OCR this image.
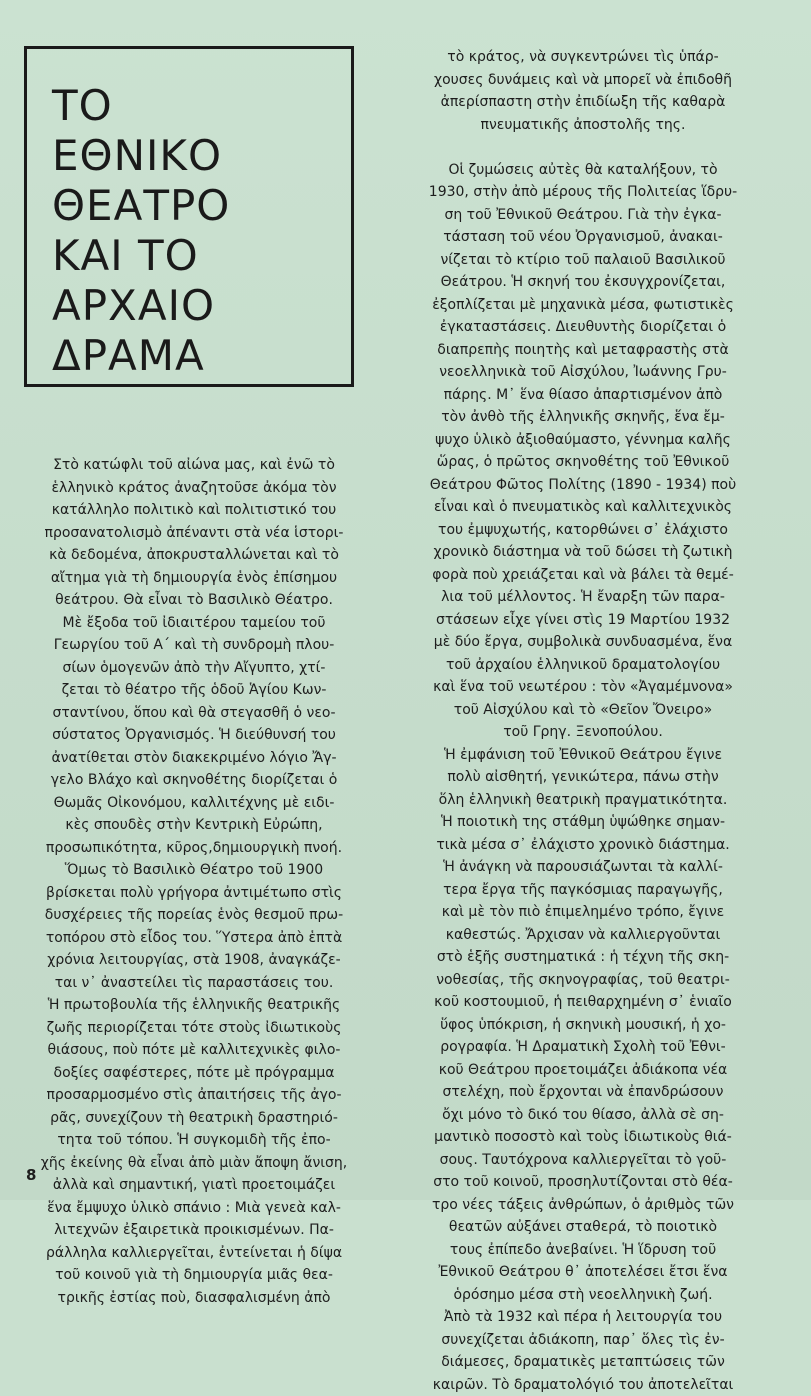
ΤΟ
ΕΘΝΙΚΟ
ΘΕΑΤΡΟ
ΚΑΙ ΤΟ
ΑΡΧΑΙΟ
ΔΡΑΜΑ
Στὸ κατώφλι τοῦ αἰώνα μας, καὶ ἐνῶ τὸ
ἑλληνικὸ κράτος ἀναζητοῦσε ἀκόμα τὸν
κατάλληλο πολιτικὸ καὶ πολιτιστικό του
προσανατολισμὸ ἀπέναντι στὰ νέα ἱστορι-
κὰ δεδομένα, ἀποκρυσταλλώνεται καὶ τὸ
αἴτημα γιὰ τὴ δημιουργία ἑνὸς ἐπίσημου
θεάτρου. Θὰ εἶναι τὸ Βασιλικὸ Θέατρο.
Μὲ ἔξοδα τοῦ ἰδιαιτέρου ταμείου τοῦ
Γεωργίου τοῦ Α΄ καὶ τὴ συνδρομὴ πλου-
σίων ὁμογενῶν ἀπὸ τὴν Αἴγυπτο, χτί-
ζεται τὸ θέατρο τῆς ὁδοῦ Ἁγίου Κων-
σταντίνου, ὅπου καὶ θὰ στεγασθῆ ὁ νεο-
σύστατος Ὀργανισμός. Ἡ διεύθυνσή του
ἀνατίθεται στὸν διακεκριμένο λόγιο Ἄγ-
γελο Βλάχο καὶ σκηνοθέτης διορίζεται ὁ
Θωμᾶς Οἰκονόμου, καλλιτέχνης μὲ ειδι-
κὲς σπουδὲς στὴν Κεντρικὴ Εὐρώπη,
προσωπικότητα, κῦρος,δημιουργικὴ πνοή.
Ὅμως τὸ Βασιλικὸ Θέατρο τοῦ 1900
βρίσκεται πολὺ γρήγορα ἀντιμέτωπο στὶς
δυσχέρειες τῆς πορείας ἑνὸς θεσμοῦ πρω-
τοπόρου στὸ εἶδος του. Ὕστερα ἀπὸ ἑπτὰ
χρόνια λειτουργίας, στὰ 1908, ἀναγκάζε-
ται ν᾽ ἀναστείλει τὶς παραστάσεις του.
Ἡ πρωτοβουλία τῆς ἑλληνικῆς θεατρικῆς
ζωῆς περιορίζεται τότε στοὺς ἰδιωτικοὺς
θιάσους, ποὺ πότε μὲ καλλιτεχνικὲς φιλο-
δοξίες σαφέστερες, πότε μὲ πρόγραμμα
προσαρμοσμένο στὶς ἀπαιτήσεις τῆς ἀγο-
ρᾶς, συνεχίζουν τὴ θεατρικὴ δραστηριό-
τητα τοῦ τόπου. Ἡ συγκομιδὴ τῆς ἐπο-
χῆς ἐκείνης θὰ εἶναι ἀπὸ μιὰν ἄποψη ἄνιση,
ἀλλὰ καὶ σημαντική, γιατὶ προετοιμάζει
ἕνα ἔμψυχο ὑλικὸ σπάνιο : Μιὰ γενεὰ καλ-
λιτεχνῶν ἐξαιρετικὰ προικισμένων. Πα-
ράλληλα καλλιεργεῖται, ἐντείνεται ἡ δίψα
τοῦ κοινοῦ γιὰ τὴ δημιουργία μιᾶς θεα-
τρικῆς ἑστίας ποὺ, διασφαλισμένη ἀπὸ
τὸ κράτος, νὰ συγκεντρώνει τὶς ὑπάρ-
χουσες δυνάμεις καὶ νὰ μπορεῖ νὰ ἐπιδοθῆ
ἀπερίσπαστη στὴν ἐπιδίωξη τῆς καθαρὰ
πνευματικῆς ἀποστολῆς της.
Οἱ ζυμώσεις αὐτὲς θὰ καταλήξουν, τὸ
1930, στὴν ἀπὸ μέρους τῆς Πολιτείας ἵδρυ-
ση τοῦ Ἐθνικοῦ Θεάτρου. Γιὰ τὴν ἐγκα-
τάσταση τοῦ νέου Ὀργανισμοῦ, ἀνακαι-
νίζεται τὸ κτίριο τοῦ παλαιοῦ Βασιλικοῦ
Θεάτρου. Ἡ σκηνή του ἐκσυγχρονίζεται,
ἐξοπλίζεται μὲ μηχανικὰ μέσα, φωτιστικὲς
ἐγκαταστάσεις. Διευθυντὴς διορίζεται ὁ
διαπρεπὴς ποιητὴς καὶ μεταφραστὴς στὰ
νεοελληνικὰ τοῦ Αἰσχύλου, Ἰωάννης Γρυ-
πάρης. Μ᾽ ἕνα θίασο ἀπαρτισμένον ἀπὸ
τὸν ἀνθὸ τῆς ἑλληνικῆς σκηνῆς, ἕνα ἔμ-
ψυχο ὑλικὸ ἀξιοθαύμαστο, γέννημα καλῆς
ὥρας, ὁ πρῶτος σκηνοθέτης τοῦ Ἐθνικοῦ
Θεάτρου Φῶτος Πολίτης (1890 - 1934) ποὺ
εἶναι καὶ ὁ πνευματικὸς καὶ καλλιτεχνικὸς
του ἐμψυχωτής, κατορθώνει σ᾽ ἐλάχιστο
χρονικὸ διάστημα νὰ τοῦ δώσει τὴ ζωτικὴ
φορὰ ποὺ χρειάζεται καὶ νὰ βάλει τὰ θεμέ-
λια τοῦ μέλλοντος. Ἡ ἔναρξη τῶν παρα-
στάσεων εἶχε γίνει στὶς 19 Μαρτίου 1932
μὲ δύο ἔργα, συμβολικὰ συνδυασμένα, ἕνα
τοῦ ἀρχαίου ἑλληνικοῦ δραματολογίου
καὶ ἕνα τοῦ νεωτέρου : τὸν «Ἀγαμέμνονα»
τοῦ Αἰσχύλου καὶ τὸ «Θεῖον Ὄνειρο»
τοῦ Γρηγ. Ξενοπούλου.
Ἡ ἐμφάνιση τοῦ Ἐθνικοῦ Θεάτρου ἔγινε
πολὺ αἰσθητή, γενικώτερα, πάνω στὴν
ὅλη ἑλληνικὴ θεατρικὴ πραγματικότητα.
Ἡ ποιοτικὴ της στάθμη ὑψώθηκε σημαν-
τικὰ μέσα σ᾽ ἐλάχιστο χρονικὸ διάστημα.
Ἡ ἀνάγκη νὰ παρουσιάζωνται τὰ καλλί-
τερα ἔργα τῆς παγκόσμιας παραγωγῆς,
καὶ μὲ τὸν πιὸ ἐπιμελημένο τρόπο, ἔγινε
καθεστώς. Ἄρχισαν νὰ καλλιεργοῦνται
στὸ ἑξῆς συστηματικά : ἡ τέχνη τῆς σκη-
νοθεσίας, τῆς σκηνογραφίας, τοῦ θεατρι-
κοῦ κοστουμιοῦ, ἡ πειθαρχημένη σ᾽ ἑνιαῖο
ὕφος ὑπόκριση, ἡ σκηνικὴ μουσική, ἡ χο-
ρογραφία. Ἡ Δραματικὴ Σχολὴ τοῦ Ἐθνι-
κοῦ Θεάτρου προετοιμάζει ἀδιάκοπα νέα
στελέχη, ποὺ ἔρχονται νὰ ἐπανδρώσουν
ὄχι μόνο τὸ δικό του θίασο, ἀλλὰ σὲ ση-
μαντικὸ ποσοστὸ καὶ τοὺς ἰδιωτικοὺς θιά-
σους. Ταυτόχρονα καλλιεργεῖται τὸ γοῦ-
στο τοῦ κοινοῦ, προσηλυτίζονται στὸ θέα-
τρο νέες τάξεις ἀνθρώπων, ὁ ἀριθμὸς τῶν
θεατῶν αὐξάνει σταθερά, τὸ ποιοτικὸ
τους ἐπίπεδο ἀνεβαίνει. Ἡ ἵδρυση τοῦ
Ἐθνικοῦ Θεάτρου θ᾽ ἀποτελέσει ἔτσι ἕνα
ὁρόσημο μέσα στὴ νεοελληνικὴ ζωή.
Ἀπὸ τὰ 1932 καὶ πέρα ἡ λειτουργία του
συνεχίζεται ἀδιάκοπη, παρ᾽ ὅλες τὶς ἐν-
διάμεσες, δραματικὲς μεταπτώσεις τῶν
καιρῶν. Τὸ δραματολόγιό του ἀποτελεῖται
8
